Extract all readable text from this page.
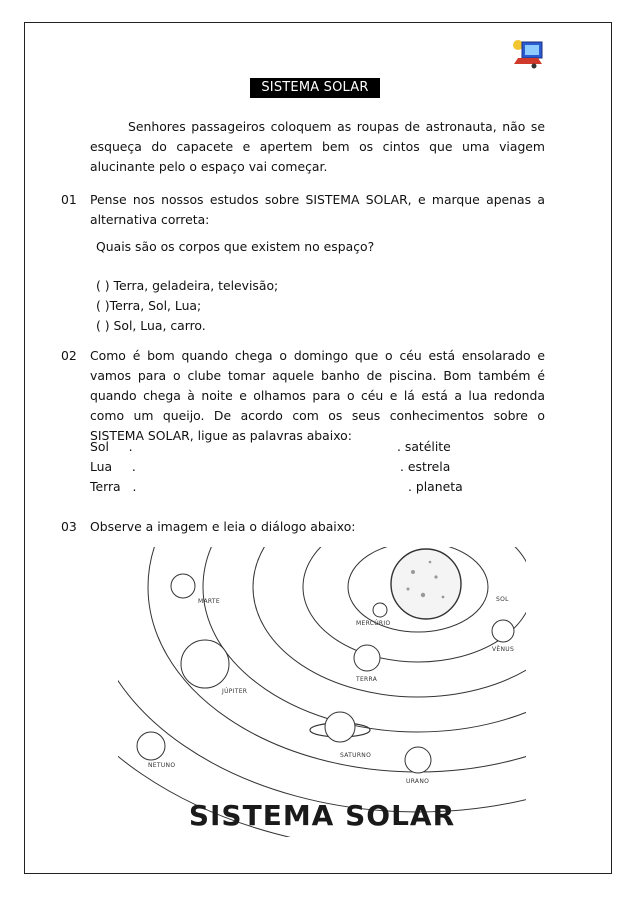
SISTEMA SOLAR
Senhores passageiros coloquem as roupas de astronauta, não se esqueça do capacete e apertem bem os cintos que uma viagem alucinante pelo o espaço vai começar.
01 Pense nos nossos estudos sobre SISTEMA SOLAR, e marque apenas a alternativa correta:
Quais são os corpos que existem no espaço?
( ) Terra, geladeira, televisão;
( )Terra, Sol, Lua;
( ) Sol, Lua, carro.
02 Como é bom quando chega o domingo que o céu está ensolarado e vamos para o clube tomar aquele banho de piscina. Bom também é quando chega à noite e olhamos para o céu e lá está a lua redonda como um queijo. De acordo com os seus conhecimentos sobre o SISTEMA SOLAR, ligue as palavras abaixo:
Sol     .
Lua     .
Terra   .
. satélite
. estrela
. planeta
03 Observe a imagem e leia o diálogo abaixo:
SOL
MERCÚRIO
VÊNUS
TERRA
MARTE
JÚPITER
SATURNO
NETUNO
URANO
SISTEMA SOLAR
